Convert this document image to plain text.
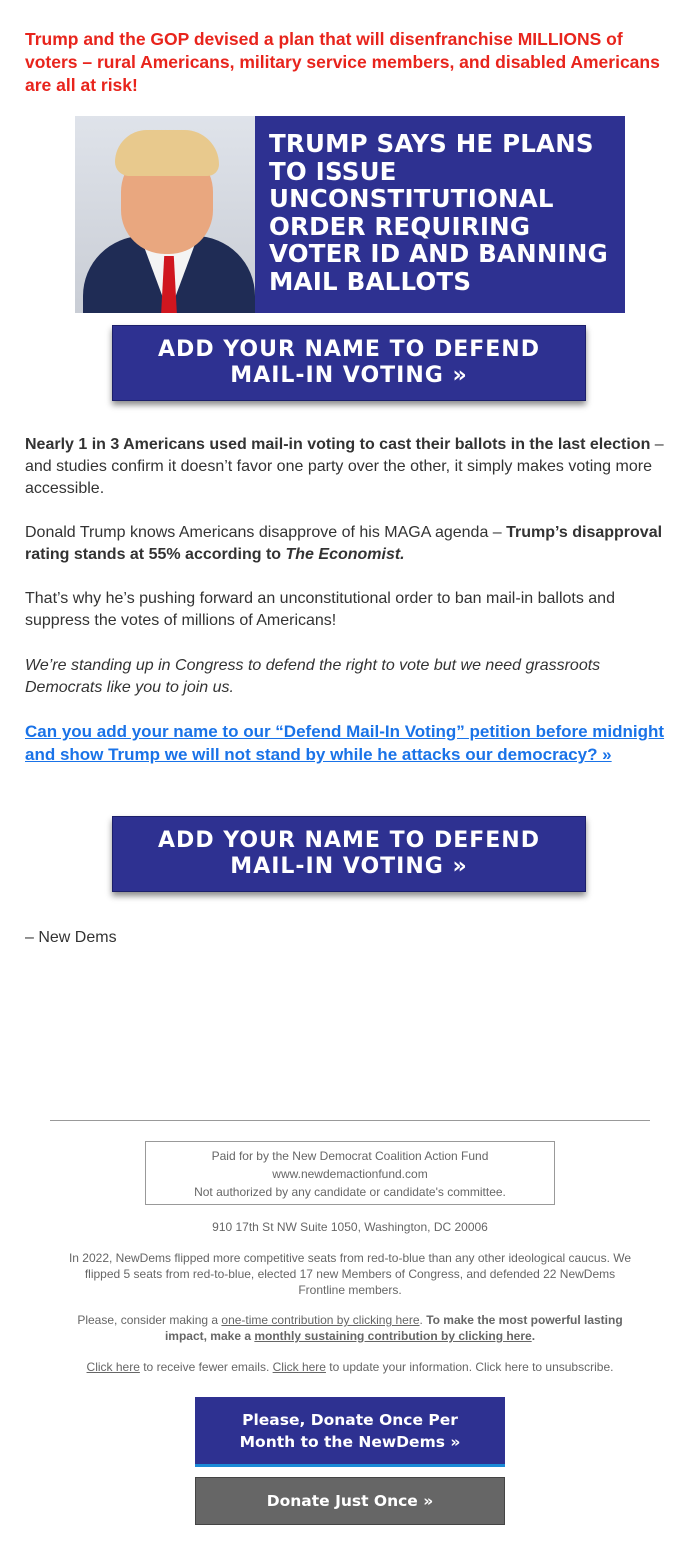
Trump and the GOP devised a plan that will disenfranchise MILLIONS of voters – rural Americans, military service members, and disabled Americans are all at risk!

TRUMP SAYS HE PLANS TO ISSUE UNCONSTITUTIONAL ORDER REQUIRING VOTER ID AND BANNING MAIL BALLOTS

ADD YOUR NAME TO DEFEND MAIL-IN VOTING »

Nearly 1 in 3 Americans used mail-in voting to cast their ballots in the last election – and studies confirm it doesn’t favor one party over the other, it simply makes voting more accessible.

Donald Trump knows Americans disapprove of his MAGA agenda – Trump’s disapproval rating stands at 55% according to The Economist.

That’s why he’s pushing forward an unconstitutional order to ban mail-in ballots and suppress the votes of millions of Americans!

We’re standing up in Congress to defend the right to vote but we need grassroots Democrats like you to join us.

Can you add your name to our “Defend Mail-In Voting” petition before midnight and show Trump we will not stand by while he attacks our democracy? »

ADD YOUR NAME TO DEFEND MAIL-IN VOTING »

– New Dems

Paid for by the New Democrat Coalition Action Fund
www.newdemactionfund.com
Not authorized by any candidate or candidate's committee.

910 17th St NW Suite 1050, Washington, DC 20006

In 2022, NewDems flipped more competitive seats from red-to-blue than any other ideological caucus. We flipped 5 seats from red-to-blue, elected 17 new Members of Congress, and defended 22 NewDems Frontline members.

Please, consider making a one-time contribution by clicking here. To make the most powerful lasting impact, make a monthly sustaining contribution by clicking here.

Click here to receive fewer emails. Click here to update your information. Click here to unsubscribe.

Please, Donate Once Per Month to the NewDems »
Donate Just Once »
